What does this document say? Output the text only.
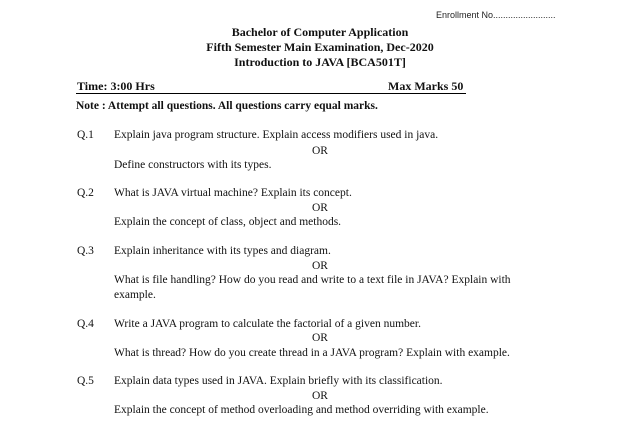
Enrollment No.........................
Bachelor of Computer Application
Fifth Semester Main Examination, Dec-2020
Introduction to JAVA [BCA501T]
Time: 3:00 Hrs	Max Marks 50
Note : Attempt all questions. All questions carry equal marks.
Q.1 Explain java program structure. Explain access modifiers used in java.
OR
Define constructors with its types.
Q.2 What is JAVA virtual machine? Explain its concept.
OR
Explain the concept of class, object and methods.
Q.3 Explain inheritance with its types and diagram.
OR
What is file handling? How do you read and write to a text file in JAVA? Explain with
example.
Q.4 Write a JAVA program to calculate the factorial of a given number.
OR
What is thread? How do you create thread in a JAVA program? Explain with example.
Q.5 Explain data types used in JAVA. Explain briefly with its classification.
OR
Explain the concept of method overloading and method overriding with example.
